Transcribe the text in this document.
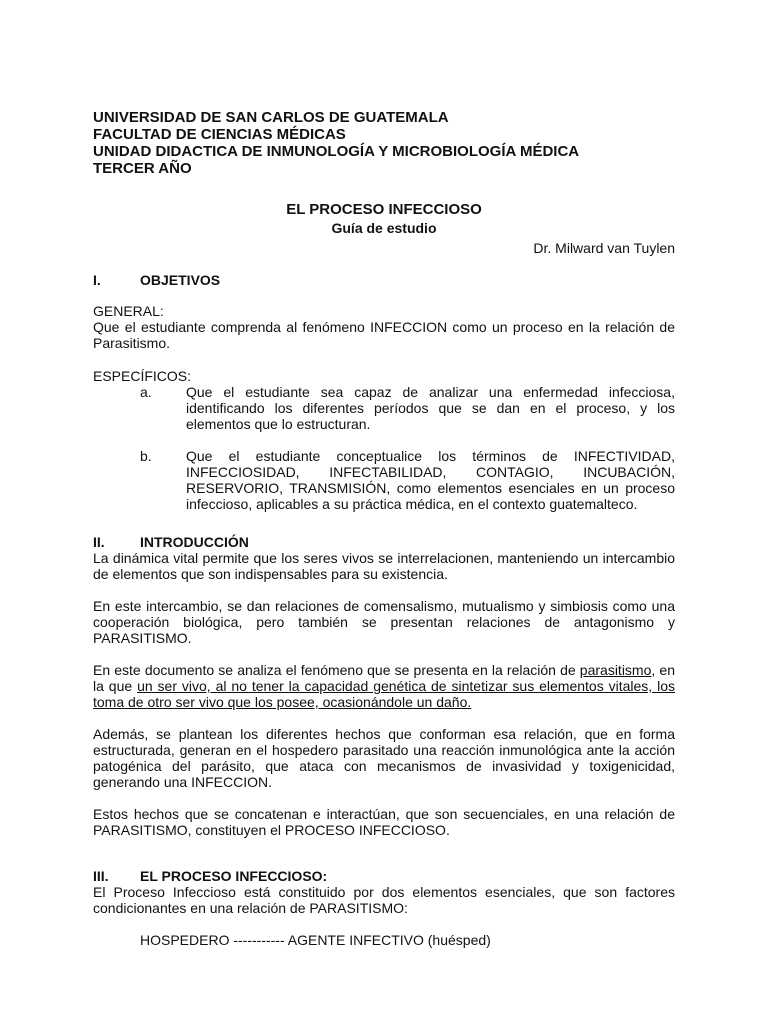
UNIVERSIDAD DE SAN CARLOS DE GUATEMALA
FACULTAD DE CIENCIAS MÉDICAS
UNIDAD DIDACTICA DE INMUNOLOGÍA Y MICROBIOLOGÍA MÉDICA
TERCER AÑO
EL PROCESO INFECCIOSO
Guía de estudio
Dr. Milward van Tuylen
I.	OBJETIVOS
GENERAL:

Que el estudiante comprenda al fenómeno INFECCION como un proceso en la relación de Parasitismo.

ESPECÍFICOS:
a.	Que el estudiante sea capaz de analizar una enfermedad infecciosa, identificando los diferentes períodos que se dan en el proceso, y los elementos que lo estructuran.
b.	Que el estudiante conceptualice los términos de INFECTIVIDAD, INFECCIOSIDAD, INFECTABILIDAD, CONTAGIO, INCUBACIÓN, RESERVORIO, TRANSMISIÓN, como elementos esenciales en un proceso infeccioso, aplicables a su práctica médica, en el contexto guatemalteco.
II.	INTRODUCCIÓN

La dinámica vital permite que los seres vivos se interrelacionen, manteniendo un intercambio de elementos que son indispensables para su existencia.

En este intercambio, se dan relaciones de comensalismo, mutualismo y simbiosis como una cooperación biológica, pero también se presentan relaciones de antagonismo y PARASITISMO.

En este documento se analiza el fenómeno que se presenta en la relación de parasitismo, en la que un ser vivo, al no tener la capacidad genética de sintetizar sus elementos vitales, los toma de otro ser vivo que los posee, ocasionándole un daño.

Además, se plantean los diferentes hechos que conforman esa relación, que en forma estructurada, generan en el hospedero parasitado una reacción inmunológica ante la acción patogénica del parásito, que ataca con mecanismos de invasividad y toxigenicidad, generando una INFECCION.

Estos hechos que se concatenan e interactúan, que son secuenciales, en una relación de PARASITISMO, constituyen el PROCESO INFECCIOSO.

III.	EL PROCESO INFECCIOSO:

El Proceso Infeccioso está constituido por dos elementos esenciales, que son factores condicionantes en una relación de PARASITISMO:

HOSPEDERO ----------- AGENTE INFECTIVO (huésped)
